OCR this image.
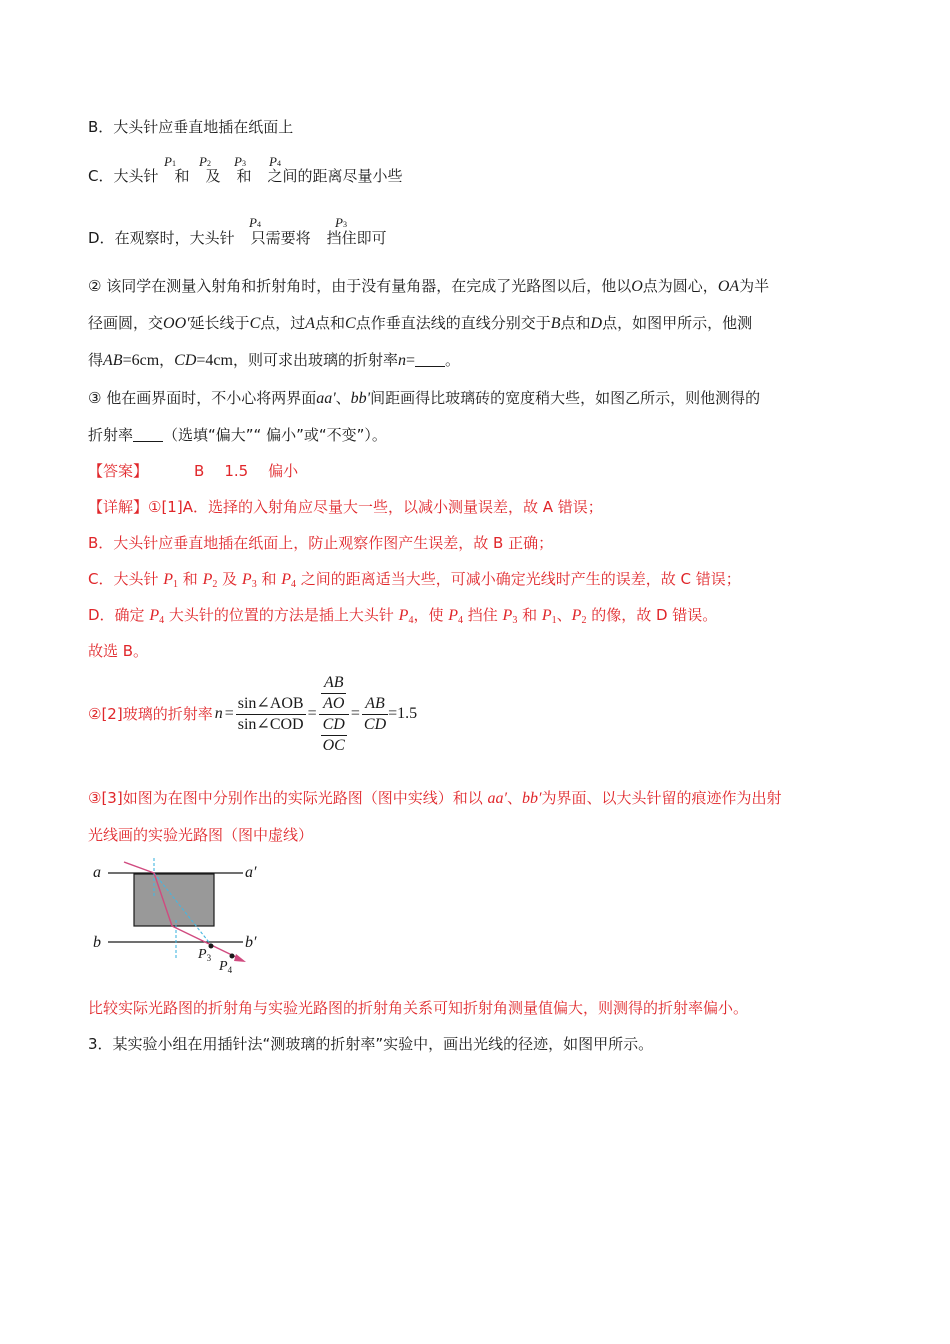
B．大头针应垂直地插在纸面上
C．大头针 和 及 和 之间的距离尽量小些
P1 P2 P3 P4
D．在观察时，大头针 只需要将 挡住即可
P4	P3
② 该同学在测量入射角和折射角时，由于没有量角器，在完成了光路图以后，他以O点为圆心，OA为半
径画圆，交OO'延长线于C点，过A点和C点作垂直法线的直线分别交于B点和D点，如图甲所示，他测
得AB=6cm，CD=4cm，则可求出玻璃的折射率n= 。
③ 他在画界面时，不小心将两界面aa'、bb'间距画得比玻璃砖的宽度稍大些，如图乙所示，则他测得的
折射率 （选填“偏大”“ 偏小”或“不变”）。
【答案】	B 1.5 偏小
【详解】①[1]A．选择的入射角应尽量大一些，以减小测量误差，故 A 错误；
B．大头针应垂直地插在纸面上，防止观察作图产生误差，故 B 正确；
C．大头针 $P_1$ 和 $P_2$ 及 $P_3$ 和 $P_4$ 之间的距离适当大些，可减小确定光线时产生的误差，故 C 错误；
D．确定 $P_4$ 大头针的位置的方法是插上大头针 $P_4$，使 $P_4$ 挡住 $P_3$ 和 $P_1$、$P_2$ 的像，故 D 错误。
故选 B。
②[2]玻璃的折射率 $n = \frac{\text{sin∠AOB}}{\text{sin∠COD}} = \frac{\frac{AB}{AO}}{\frac{CD}{OC}} = \frac{AB}{CD} =1.5$
③[3]如图为在图中分别作出的实际光路图（图中实线）和以 aa′、bb′为界面、以大头针留的痕迹作为出射
光线画的实验光路图（图中虚线）
a	a′
b	b′
$P_3$
$P_4$
比较实际光路图的折射角与实验光路图的折射角关系可知折射角测量值偏大，则测得的折射率偏小。
3．某实验小组在用插针法“测玻璃的折射率”实验中，画出光线的径迹，如图甲所示。
